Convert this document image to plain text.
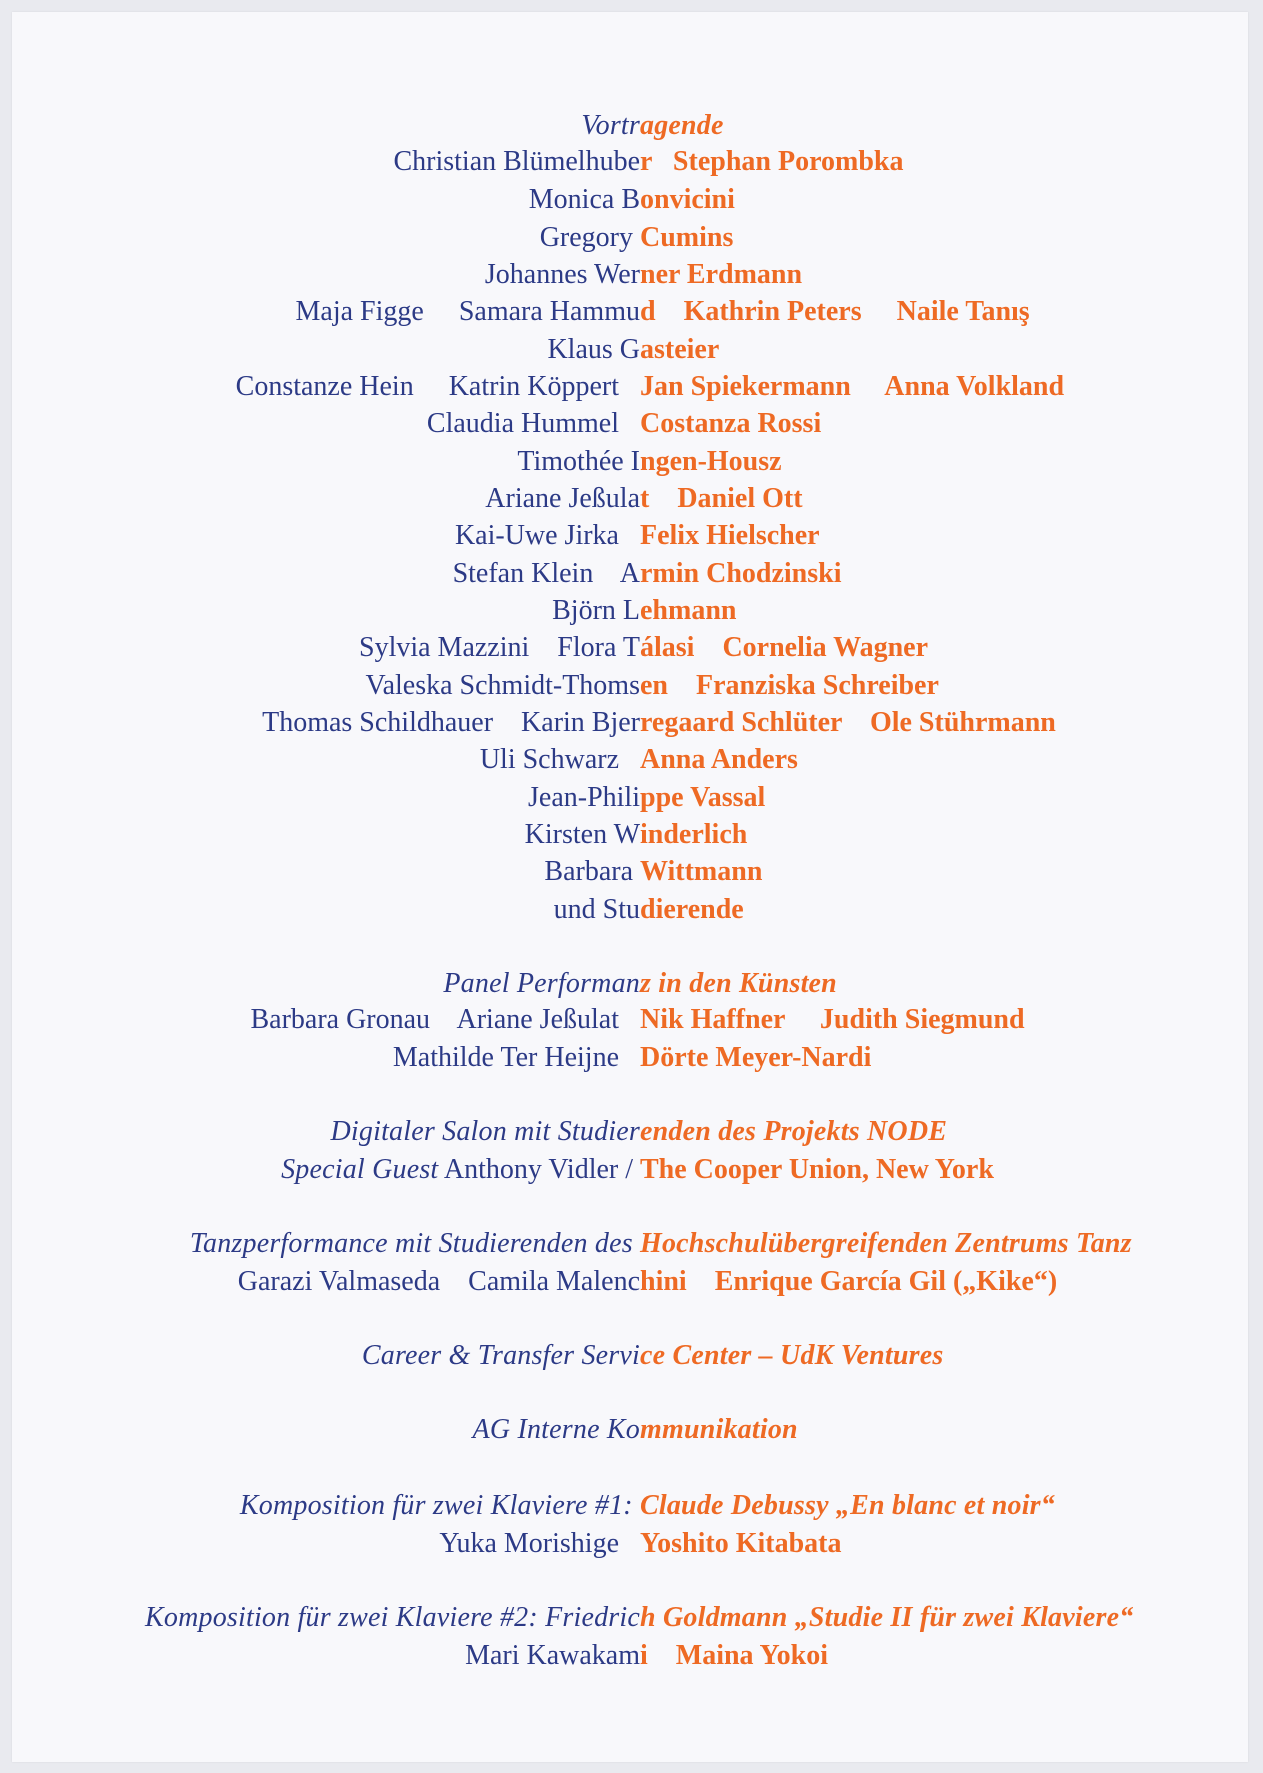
Vortragende
Christian Blümelhuber   Stephan Porombka
Monica Bonvicini
Gregory Cumins
Johannes Werner Erdmann
Maja Figge     Samara Hammud    Kathrin Peters     Naile Tanış
Klaus Gasteier
Constanze Hein     Katrin Köppert   Jan Spiekermann     Anna Volkland
Claudia Hummel   Costanza Rossi
Timothée Ingen-Housz
Ariane Jeßulat    Daniel Ott
Kai-Uwe Jirka   Felix Hielscher
Stefan Klein    Armin Chodzinski
Björn Lehmann
Sylvia Mazzini    Flora Tálasi    Cornelia Wagner
Valeska Schmidt-Thomsen    Franziska Schreiber
Thomas Schildhauer    Karin Bjerregaard Schlüter    Ole Stührmann
Uli Schwarz   Anna Anders
Jean-Philippe Vassal
Kirsten Winderlich
Barbara Wittmann
und Studierende
Panel Performanz in den Künsten
Barbara Gronau    Ariane Jeßulat   Nik Haffner     Judith Siegmund
Mathilde Ter Heijne   Dörte Meyer-Nardi
Digitaler Salon mit Studierenden des Projekts NODE
Special Guest Anthony Vidler / The Cooper Union, New York
Tanzperformance mit Studierenden des Hochschulübergreifenden Zentrums Tanz
Garazi Valmaseda    Camila Malenchini    Enrique García Gil („Kike“)
Career & Transfer Service Center – UdK Ventures
AG Interne Kommunikation
Komposition für zwei Klaviere #1: Claude Debussy „En blanc et noir“
Yuka Morishige   Yoshito Kitabata
Komposition für zwei Klaviere #2: Friedrich Goldmann „Studie II für zwei Klaviere“
Mari Kawakami    Maina Yokoi
